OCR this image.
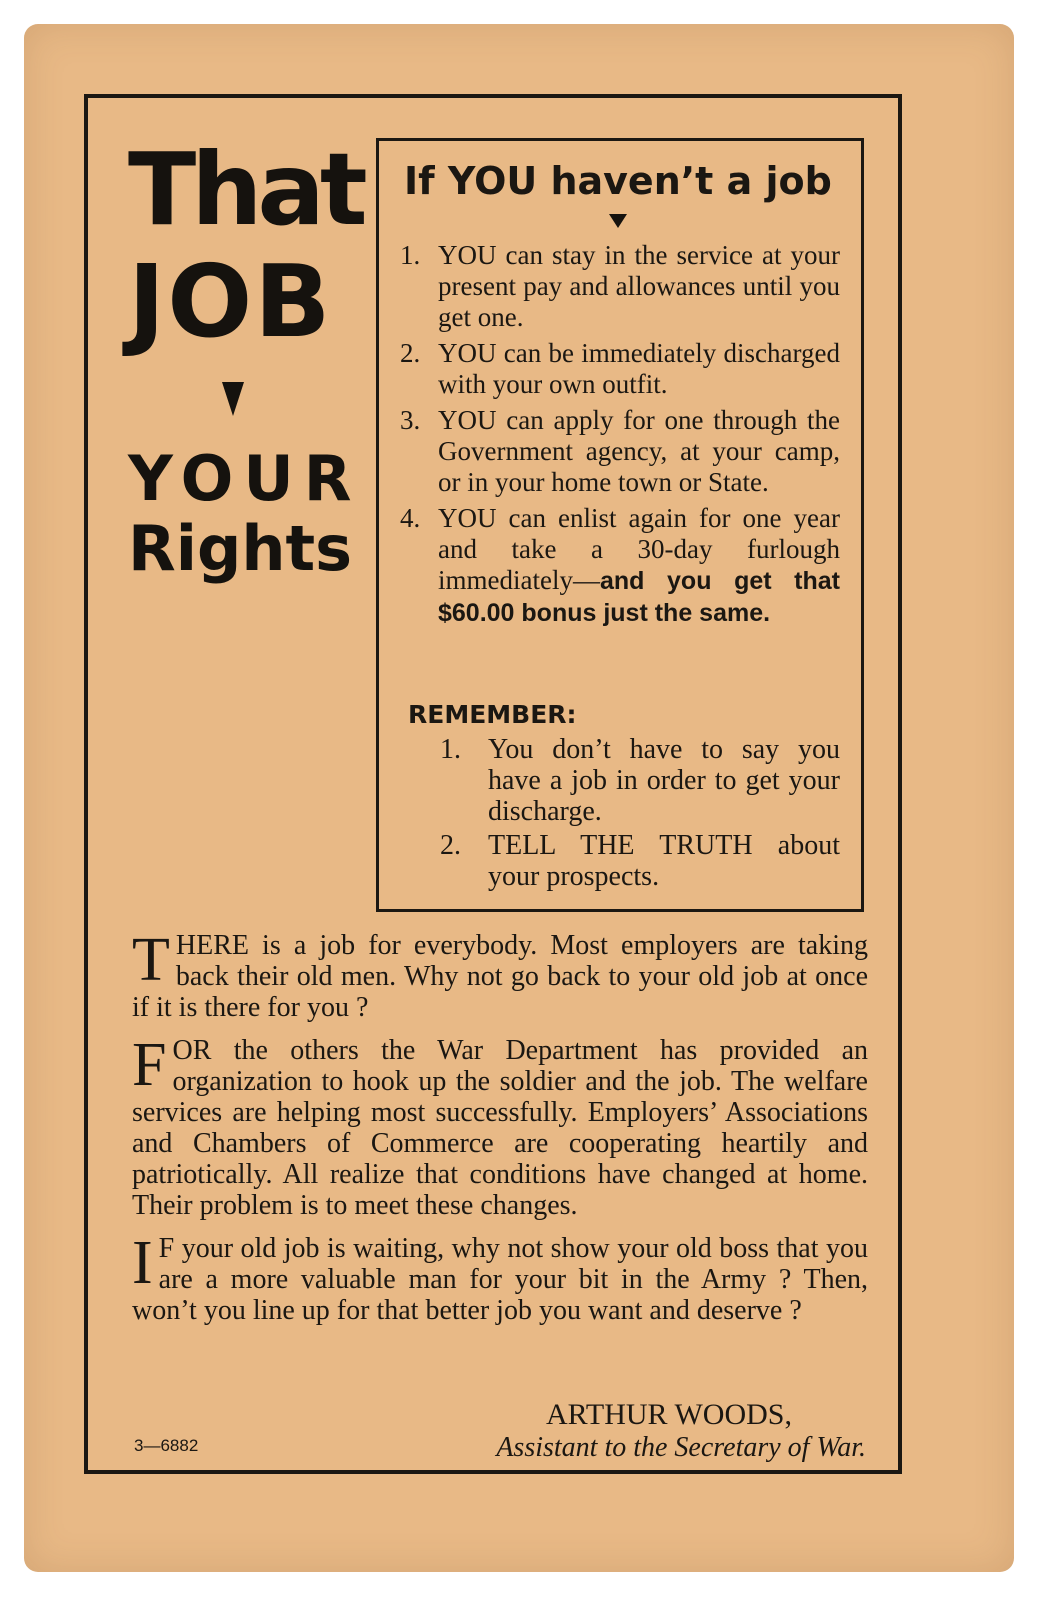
That
JOB
YOUR
Rights
If YOU haven’t a job
1. YOU can stay in the service at your present pay and allowances until you get one.
2. YOU can be immediately discharged with your own outfit.
3. YOU can apply for one through the Government agency, at your camp, or in your home town or State.
4. YOU can enlist again for one year and take a 30-day furlough immediately—and you get that $60.00 bonus just the same.
REMEMBER:
1. You don’t have to say you have a job in order to get your discharge.
2. TELL THE TRUTH about your prospects.

THERE is a job for everybody. Most employers are taking back their old men. Why not go back to your old job at once if it is there for you ?

FOR the others the War Department has provided an organization to hook up the soldier and the job. The welfare services are helping most successfully. Employers’ Associations and Chambers of Commerce are cooperating heartily and patriotically. All realize that conditions have changed at home. Their problem is to meet these changes.

I F your old job is waiting, why not show your old boss that you are a more valuable man for your bit in the Army ? Then, won’t you line up for that better job you want and deserve ?

ARTHUR WOODS,
Assistant to the Secretary of War.
3—6882
